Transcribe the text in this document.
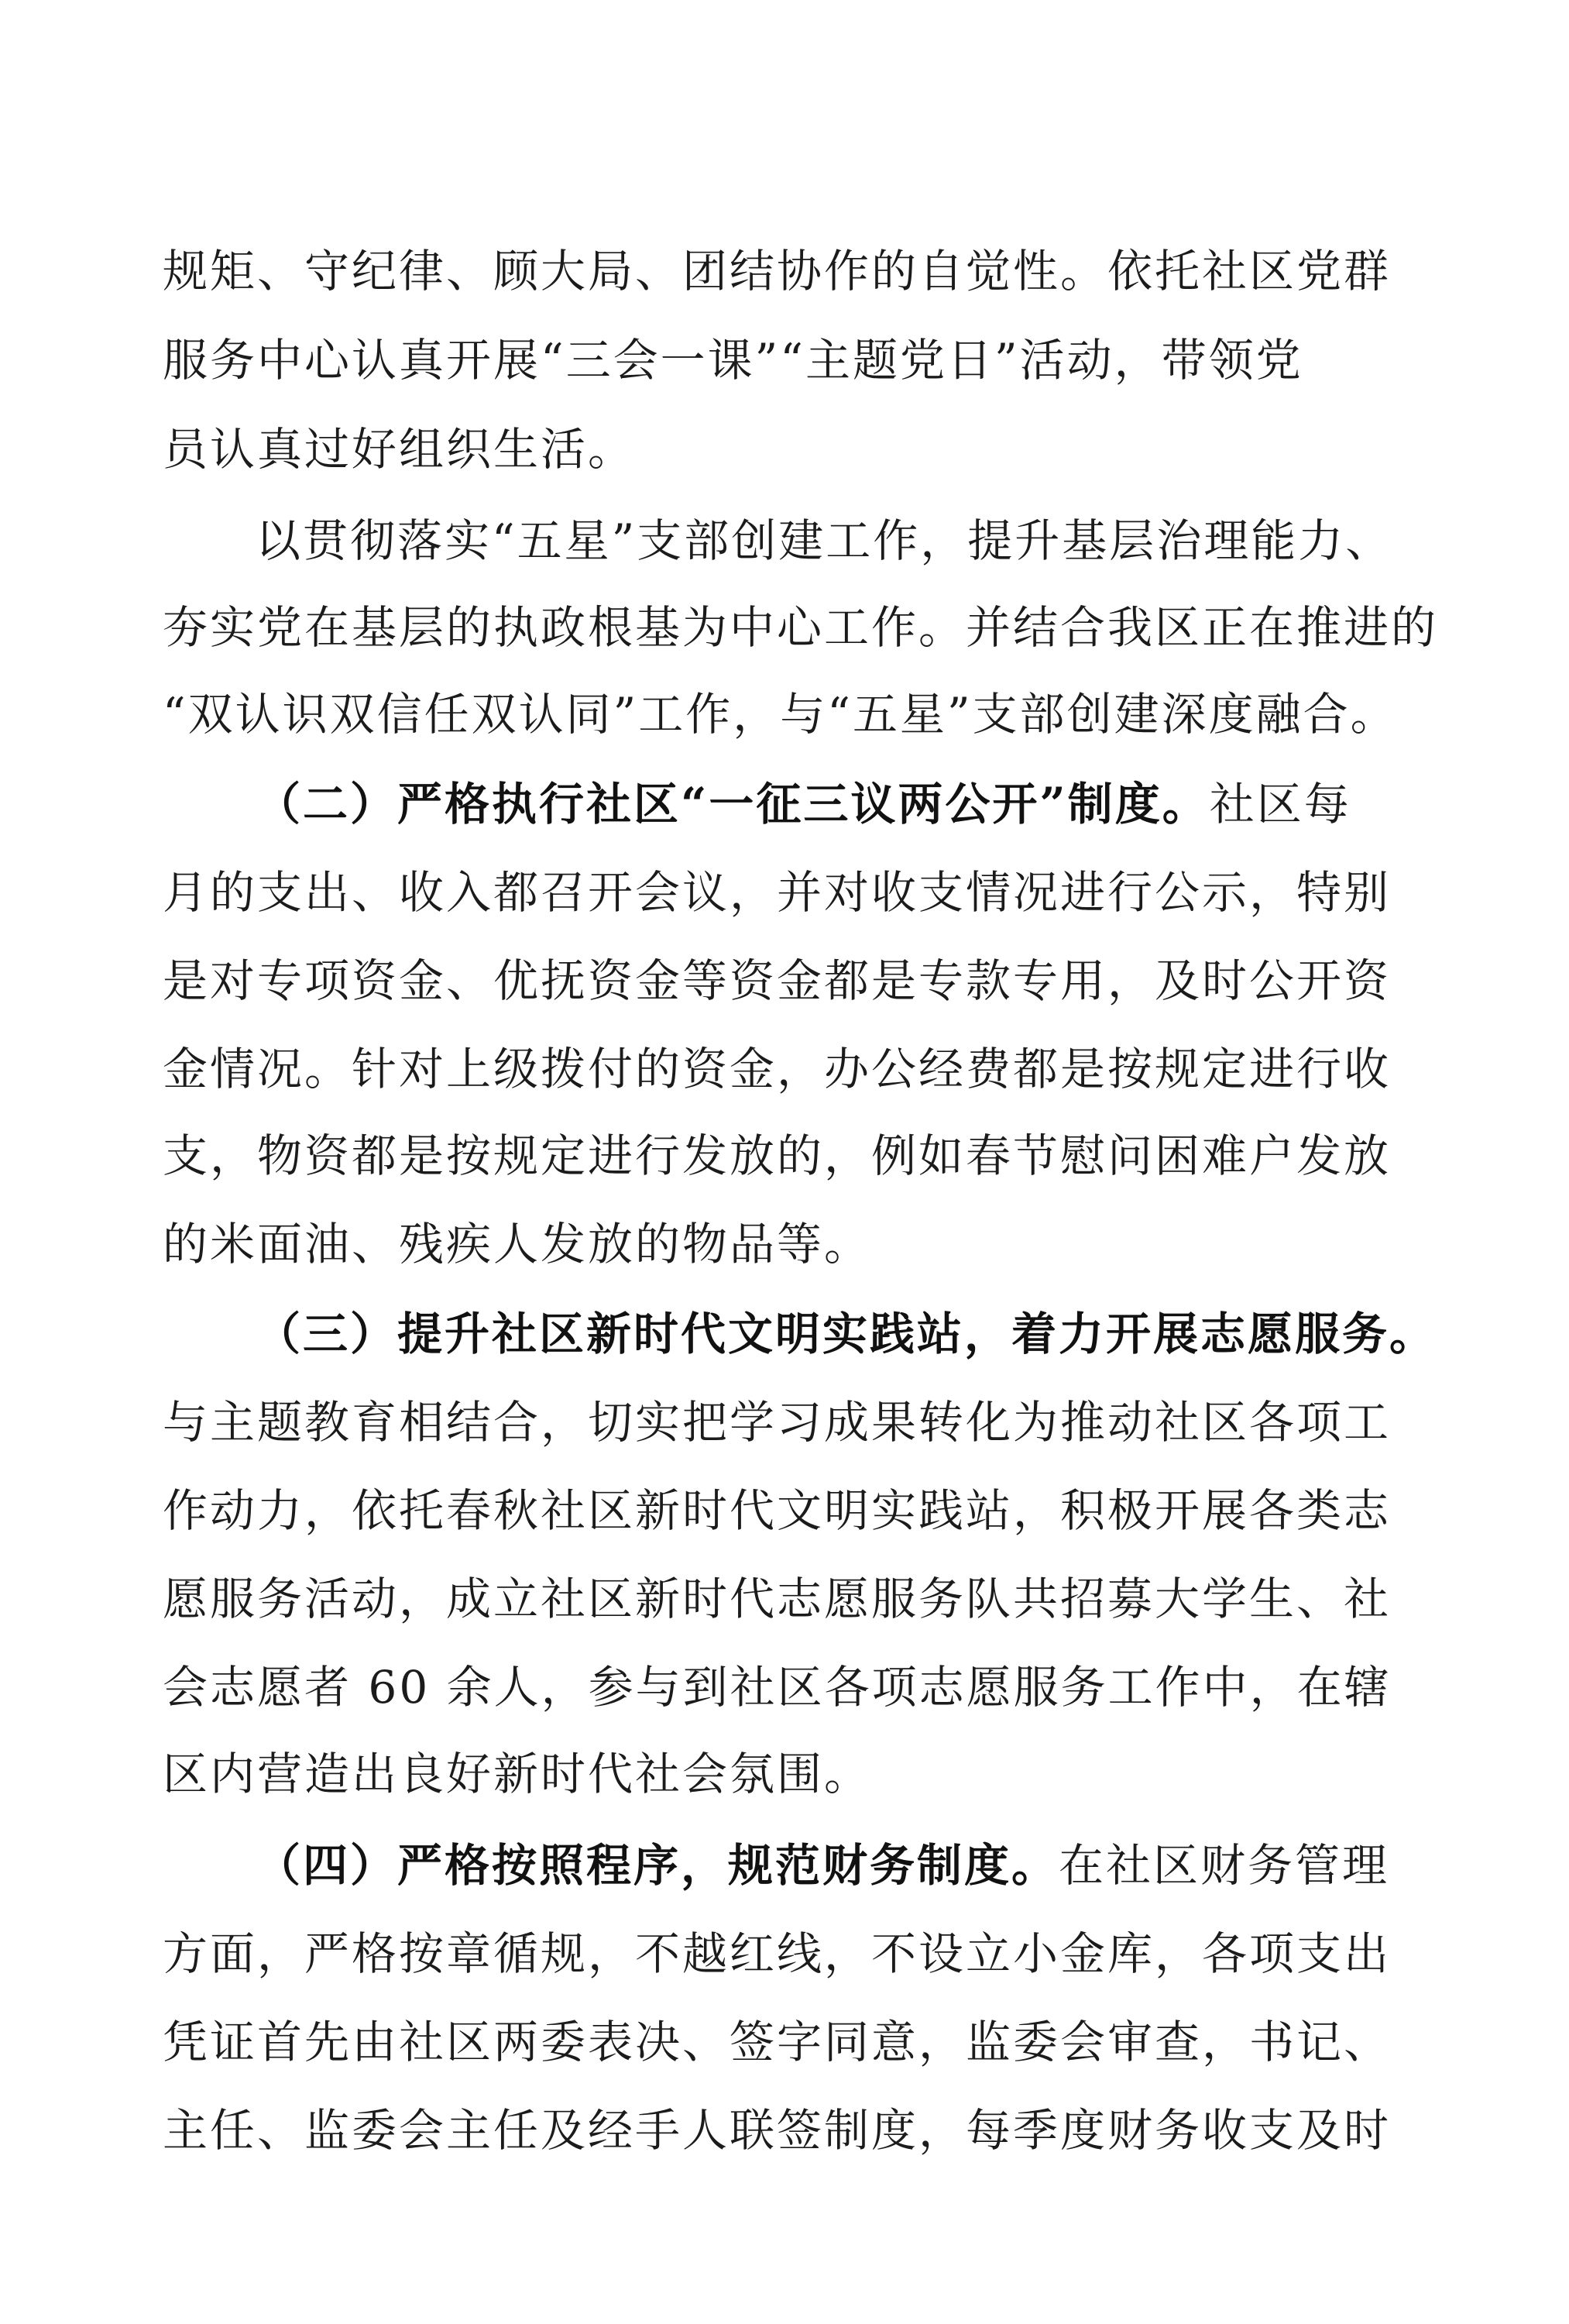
规矩、守纪律、顾大局、团结协作的自觉性。依托社区党群

服务中心认真开展“三会一课”“主题党日”活动，带领党

员认真过好组织生活。

以贯彻落实“五星”支部创建工作，提升基层治理能力、

夯实党在基层的执政根基为中心工作。并结合我区正在推进的

“双认识双信任双认同”工作，与“五星”支部创建深度融合。

（二）严格执行社区“一征三议两公开”制度。社区每

月的支出、收入都召开会议，并对收支情况进行公示，特别

是对专项资金、优抚资金等资金都是专款专用，及时公开资

金情况。针对上级拨付的资金，办公经费都是按规定进行收

支，物资都是按规定进行发放的，例如春节慰问困难户发放

的米面油、残疾人发放的物品等。

（三）提升社区新时代文明实践站，着力开展志愿服务。

与主题教育相结合，切实把学习成果转化为推动社区各项工

作动力，依托春秋社区新时代文明实践站，积极开展各类志

愿服务活动，成立社区新时代志愿服务队共招募大学生、社

会志愿者 60 余人，参与到社区各项志愿服务工作中，在辖

区内营造出良好新时代社会氛围。

（四）严格按照程序，规范财务制度。在社区财务管理

方面，严格按章循规，不越红线，不设立小金库，各项支出

凭证首先由社区两委表决、签字同意，监委会审查，书记、

主任、监委会主任及经手人联签制度，每季度财务收支及时
